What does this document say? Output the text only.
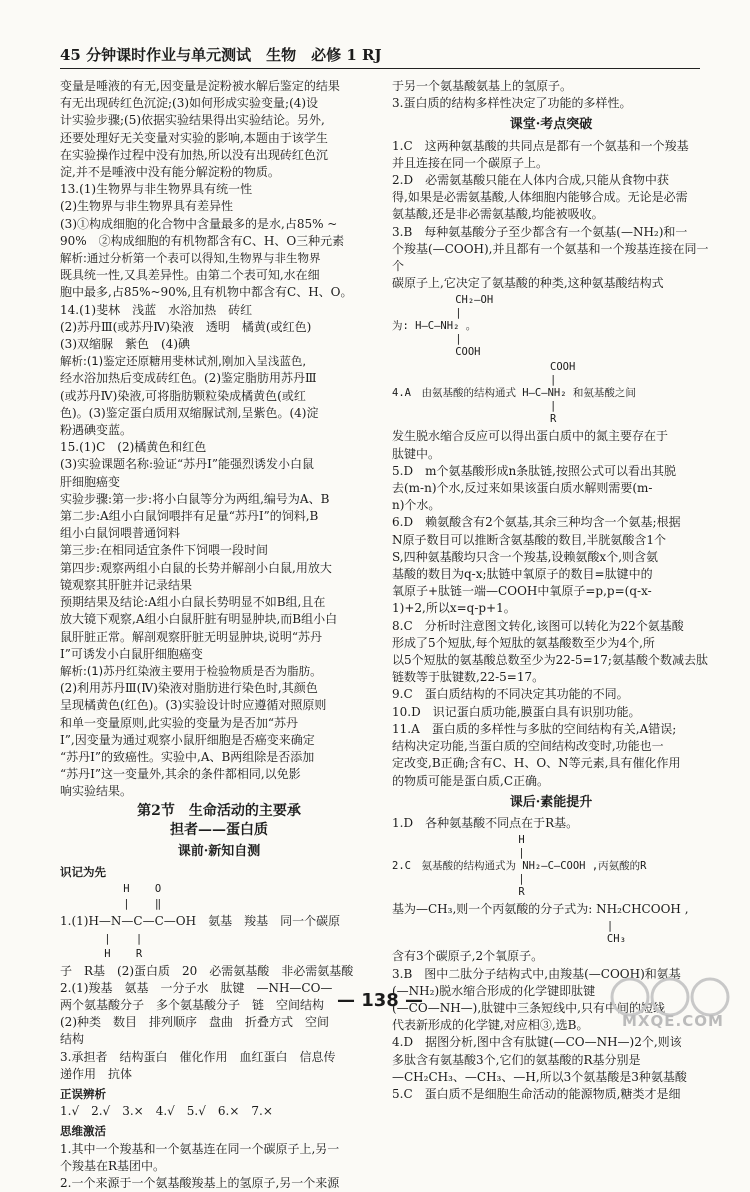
45 分钟课时作业与单元测试　生物　必修 1 RJ
变量是唾液的有无,因变量是淀粉被水解后鉴定的结果
有无出现砖红色沉淀;(3)如何形成实验变量;(4)设
计实验步骤;(5)依据实验结果得出实验结论。另外,
还要处理好无关变量对实验的影响,本题由于该学生
在实验操作过程中没有加热,所以没有出现砖红色沉
淀,并不是唾液中没有能分解淀粉的物质。
13.(1)生物界与非生物界具有统一性
(2)生物界与非生物界具有差异性
(3)①构成细胞的化合物中含量最多的是水,占85% ~
90%　②构成细胞的有机物都含有C、H、O三种元素
解析:通过分析第一个表可以得知,生物界与非生物界
既具统一性,又具差异性。由第二个表可知,水在细
胞中最多,占85%~90%,且有机物中都含有C、H、O。
14.(1)斐林　浅蓝　水浴加热　砖红
(2)苏丹Ⅲ(或苏丹Ⅳ)染液　透明　橘黄(或红色)
(3)双缩脲　紫色　(4)碘
解析:(1)鉴定还原糖用斐林试剂,刚加入呈浅蓝色,
经水浴加热后变成砖红色。(2)鉴定脂肪用苏丹Ⅲ
(或苏丹Ⅳ)染液,可将脂肪颗粒染成橘黄色(或红
色)。(3)鉴定蛋白质用双缩脲试剂,呈紫色。(4)淀
粉遇碘变蓝。
15.(1)C　(2)橘黄色和红色
(3)实验课题名称:验证“苏丹Ⅰ”能强烈诱发小白鼠
肝细胞癌变
实验步骤:第一步:将小白鼠等分为两组,编号为A、B
第二步:A组小白鼠饲喂拌有足量“苏丹Ⅰ”的饲料,B
组小白鼠饲喂普通饲料
第三步:在相同适宜条件下饲喂一段时间
第四步:观察两组小白鼠的长势并解剖小白鼠,用放大
镜观察其肝脏并记录结果
预期结果及结论:A组小白鼠长势明显不如B组,且在
放大镜下观察,A组小白鼠肝脏有明显肿块,而B组小白
鼠肝脏正常。解剖观察肝脏无明显肿块,说明“苏丹
Ⅰ”可诱发小白鼠肝细胞癌变
解析:(1)苏丹红染液主要用于检验物质是否为脂肪。
(2)利用苏丹Ⅲ(Ⅳ)染液对脂肪进行染色时,其颜色
呈现橘黄色(红色)。(3)实验设计时应遵循对照原则
和单一变量原则,此实验的变量为是否加“苏丹
Ⅰ”,因变量为通过观察小鼠肝细胞是否癌变来确定
“苏丹Ⅰ”的致癌性。实验中,A、B两组除是否添加
“苏丹Ⅰ”这一变量外,其余的条件都相同,以免影
响实验结果。
第2节　生命活动的主要承
担者——蛋白质
课前·新知自测
识记为先
H    O
|    ‖
1.(1)H—N—C—C—OH　氨基　羧基　同一个碳原
|    |
H    R
子　R基　(2)蛋白质　20　必需氨基酸　非必需氨基酸
2.(1)羧基　氨基　一分子水　肽键　—NH—CO—
两个氨基酸分子　多个氨基酸分子　链　空间结构
(2)种类　数目　排列顺序　盘曲　折叠方式　空间
结构
3.承担者　结构蛋白　催化作用　血红蛋白　信息传
递作用　抗体
正误辨析
1.√　2.√　3.×　4.√　5.√　6.×　7.×
思维激活
1.其中一个羧基和一个氨基连在同一个碳原子上,另一
个羧基在R基团中。
2.一个来源于一个氨基酸羧基上的氢原子,另一个来源
于另一个氨基酸氨基上的氢原子。
3.蛋白质的结构多样性决定了功能的多样性。
课堂·考点突破
1.C　这两种氨基酸的共同点是都有一个氨基和一个羧基
并且连接在同一个碳原子上。
2.D　必需氨基酸只能在人体内合成,只能从食物中获
得,如果是必需氨基酸,人体细胞内能够合成。无论是必需
氨基酸,还是非必需氨基酸,均能被吸收。
3.B　每种氨基酸分子至少都含有一个氨基(—NH₂)和一
个羧基(—COOH),并且都有一个氨基和一个羧基连接在同一个
碳原子上,它决定了氨基酸的种类,这种氨基酸结构式
CH₂—OH
|
为: H—C—NH₂ 。
|
COOH
COOH
|
4.A　由氨基酸的结构通式 H—C—NH₂ 和氨基酸之间
|
R
发生脱水缩合反应可以得出蛋白质中的氮主要存在于
肽键中。
5.D　m个氨基酸形成n条肽链,按照公式可以看出其脱
去(m-n)个水,反过来如果该蛋白质水解则需要(m-
n)个水。
6.D　赖氨酸含有2个氨基,其余三种均含一个氨基;根据
N原子数目可以推断含氨基酸的数目,半胱氨酸含1个
S,四种氨基酸均只含一个羧基,设赖氨酸x个,则含氨
基酸的数目为q-x;肽链中氧原子的数目=肽键中的
氧原子+肽链一端—COOH中氧原子=p,p=(q-x-
1)+2,所以x=q-p+1。
8.C　分析时注意图文转化,该图可以转化为22个氨基酸
形成了5个短肽,每个短肽的氨基酸数至少为4个,所
以5个短肽的氨基酸总数至少为22-5=17;氨基酸个数减去肽
链数等于肽键数,22-5=17。
9.C　蛋白质结构的不同决定其功能的不同。
10.D　识记蛋白质功能,膜蛋白具有识别功能。
11.A　蛋白质的多样性与多肽的空间结构有关,A错误;
结构决定功能,当蛋白质的空间结构改变时,功能也一
定改变,B正确;含有C、H、O、N等元素,具有催化作用
的物质可能是蛋白质,C正确。
课后·素能提升
1.D　各种氨基酸不同点在于R基。
H
|
2.C　氨基酸的结构通式为 NH₂—C—COOH ,丙氨酸的R
|
R
基为—CH₃,则一个丙氨酸的分子式为: NH₂CHCOOH ,
|
CH₃
含有3个碳原子,2个氧原子。
3.B　图中二肽分子结构式中,由羧基(—COOH)和氨基
(—NH₂)脱水缩合形成的化学键即肽键
(—CO—NH—),肽键中三条短线中,只有中间的短线
代表新形成的化学键,对应相③,选B。
4.D　据图分析,图中含有肽键(—CO—NH—)2个,则该
多肽含有氨基酸3个,它们的氨基酸的R基分别是
—CH₂CH₃、—CH₃、—H,所以3个氨基酸是3种氨基酸
5.C　蛋白质不是细胞生命活动的能源物质,糖类才是细
— 138 —
MXQE.COM
